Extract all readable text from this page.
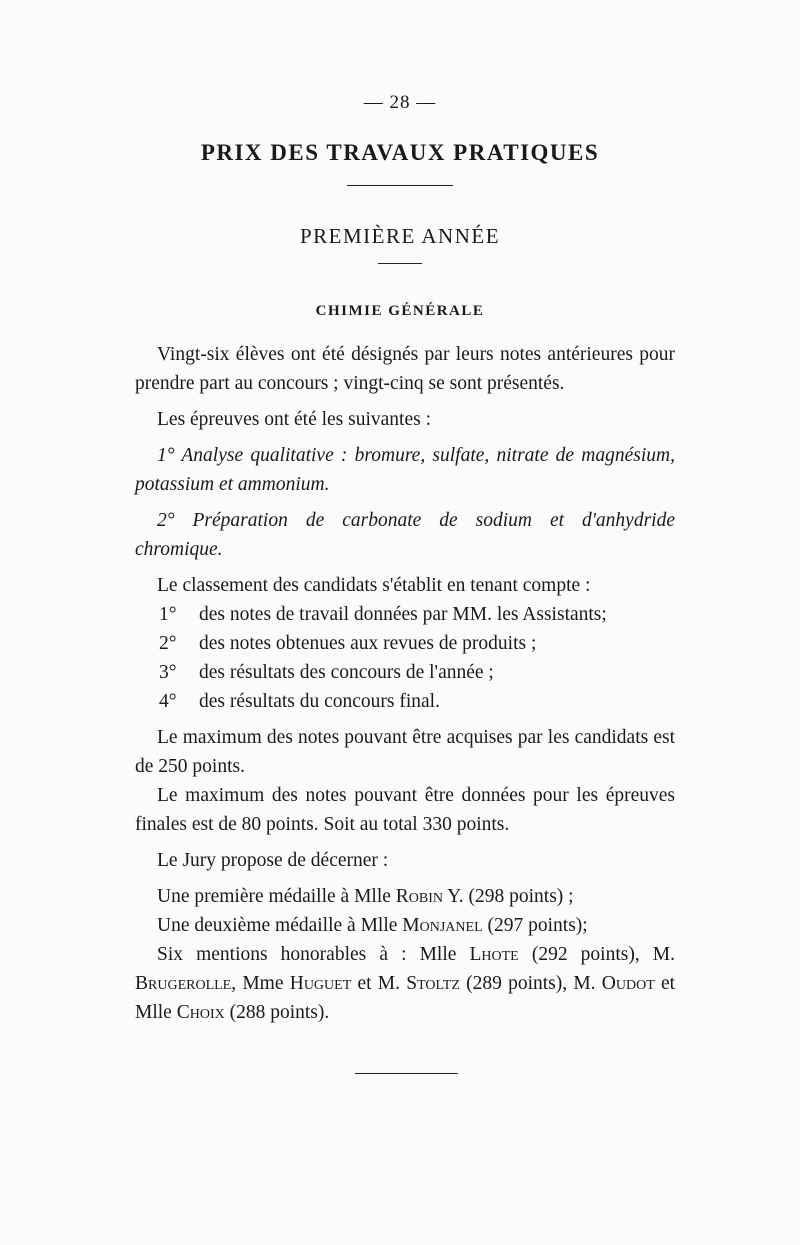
— 28 —
PRIX DES TRAVAUX PRATIQUES
PREMIÈRE ANNÉE
CHIMIE GÉNÉRALE

Vingt-six élèves ont été désignés par leurs notes antérieures pour prendre part au concours ; vingt-cinq se sont présentés.

Les épreuves ont été les suivantes :

1° Analyse qualitative : bromure, sulfate, nitrate de magnésium, potassium et ammonium.

2° Préparation de carbonate de sodium et d'anhydride chromique.

Le classement des candidats s'établit en tenant compte :

1° des notes de travail données par MM. les Assistants;

2° des notes obtenues aux revues de produits ;

3° des résultats des concours de l'année ;

4° des résultats du concours final.

Le maximum des notes pouvant être acquises par les candidats est de 250 points.

Le maximum des notes pouvant être données pour les épreuves finales est de 80 points. Soit au total 330 points.

Le Jury propose de décerner :

Une première médaille à Mlle Robin Y. (298 points) ;

Une deuxième médaille à Mlle Monjanel (297 points);

Six mentions honorables à : Mlle Lhote (292 points), M. Brugerolle, Mme Huguet et M. Stoltz (289 points), M. Oudot et Mlle Choix (288 points).
